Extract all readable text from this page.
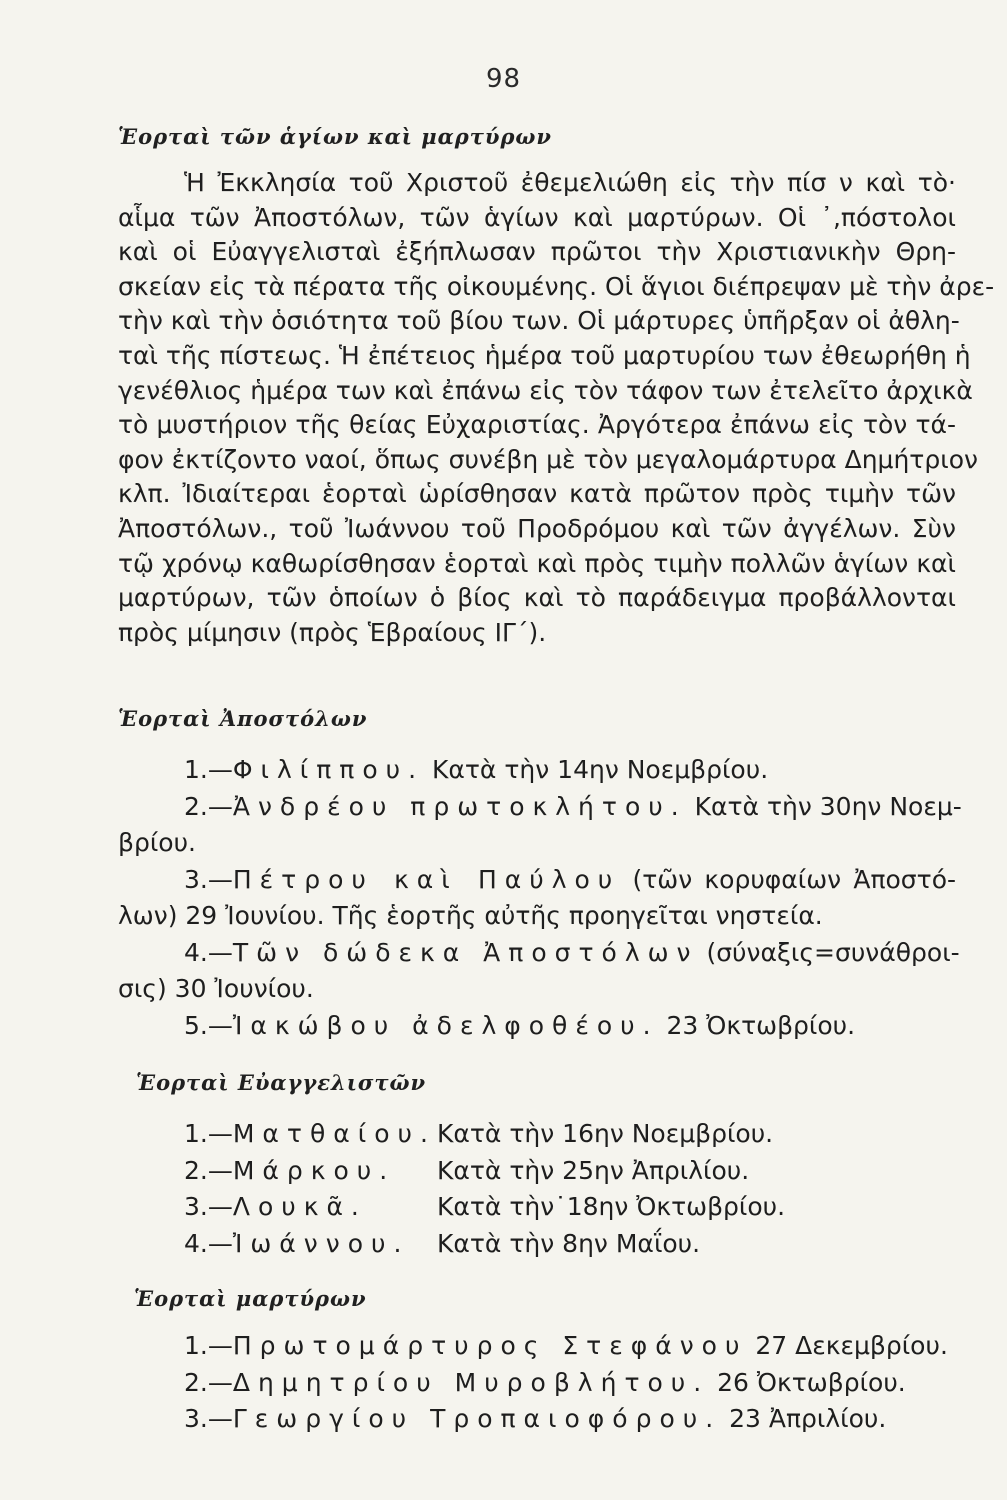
98
Ἑορταὶ τῶν ἁγίων καὶ μαρτύρων
Ἡ Ἐκκλησία τοῦ Χριστοῦ ἐθεμελιώθη εἰς τὴν πίσ ν καὶ τὸ·
αἷμα τῶν Ἀποστόλων, τῶν ἁγίων καὶ μαρτύρων. Οἱ ᾿,πόστολοι
καὶ οἱ Εὐαγγελισταὶ ἐξήπλωσαν πρῶτοι τὴν Χριστιανικὴν Θρη-
σκείαν εἰς τὰ πέρατα τῆς οἰκουμένης. Οἱ ἅγιοι διέπρεψαν μὲ τὴν ἀρε-
τὴν καὶ τὴν ὁσιότητα τοῦ βίου των. Οἱ μάρτυρες ὑπῆρξαν οἱ ἀθλη-
ταὶ τῆς πίστεως. Ἡ ἐπέτειος ἡμέρα τοῦ μαρτυρίου των ἐθεωρήθη ἡ
γενέθλιος ἡμέρα των καὶ ἐπάνω εἰς τὸν τάφον των ἐτελεῖτο ἀρχικὰ
τὸ μυστήριον τῆς θείας Εὐχαριστίας. Ἀργότερα ἐπάνω εἰς τὸν τά-
φον ἐκτίζοντο ναοί, ὅπως συνέβη μὲ τὸν μεγαλομάρτυρα Δημήτριον
κλπ. Ἰδιαίτεραι ἑορταὶ ὡρίσθησαν κατὰ πρῶτον πρὸς τιμὴν τῶν
Ἀποστόλων., τοῦ Ἰωάννου τοῦ Προδρόμου καὶ τῶν ἀγγέλων. Σὺν
τῷ χρόνῳ καθωρίσθησαν ἑορταὶ καὶ πρὸς τιμὴν πολλῶν ἁγίων καὶ
μαρτύρων, τῶν ὁποίων ὁ βίος καὶ τὸ παράδειγμα προβάλλονται
πρὸς μίμησιν (πρὸς Ἑβραίους ΙΓ΄).
Ἑορταὶ Ἀποστόλων
1.—Φιλίππου. Κατὰ τὴν 14ην Νοεμβρίου.
2.—Ἀνδρέου πρωτοκλήτου. Κατὰ τὴν 30ην Νοεμ-
βρίου.
3.—Πέτρου καὶ Παύλου (τῶν κορυφαίων Ἀποστό-
λων) 29 Ἰουνίου. Τῆς ἑορτῆς αὐτῆς προηγεῖται νηστεία.
4.—Τῶν δώδεκα Ἀποστόλων (σύναξις=συνάθροι-
σις) 30 Ἰουνίου.
5.—Ἰακώβου ἀδελφοθέου. 23 Ὀκτωβρίου.
Ἑορταὶ Εὐαγγελιστῶν
1.—Ματθαίου. Κατὰ τὴν 16ην Νοεμβρίου.
2.—Μάρκου.	Κατὰ τὴν 25ην Ἀπριλίου.
3.—Λουκᾶ.	Κατὰ τὴν˙18ην Ὀκτωβρίου.
4.—Ἰωάννου.	Κατὰ τὴν 8ην Μαΐου.
Ἑορταὶ μαρτύρων
1.—Πρωτομάρτυρος Στεφάνου 27 Δεκεμβρίου.
2.—Δημητρίου Μυροβλήτου. 26 Ὀκτωβρίου.
3.—Γεωργίου Τροπαιοφόρου. 23 Ἀπριλίου.
